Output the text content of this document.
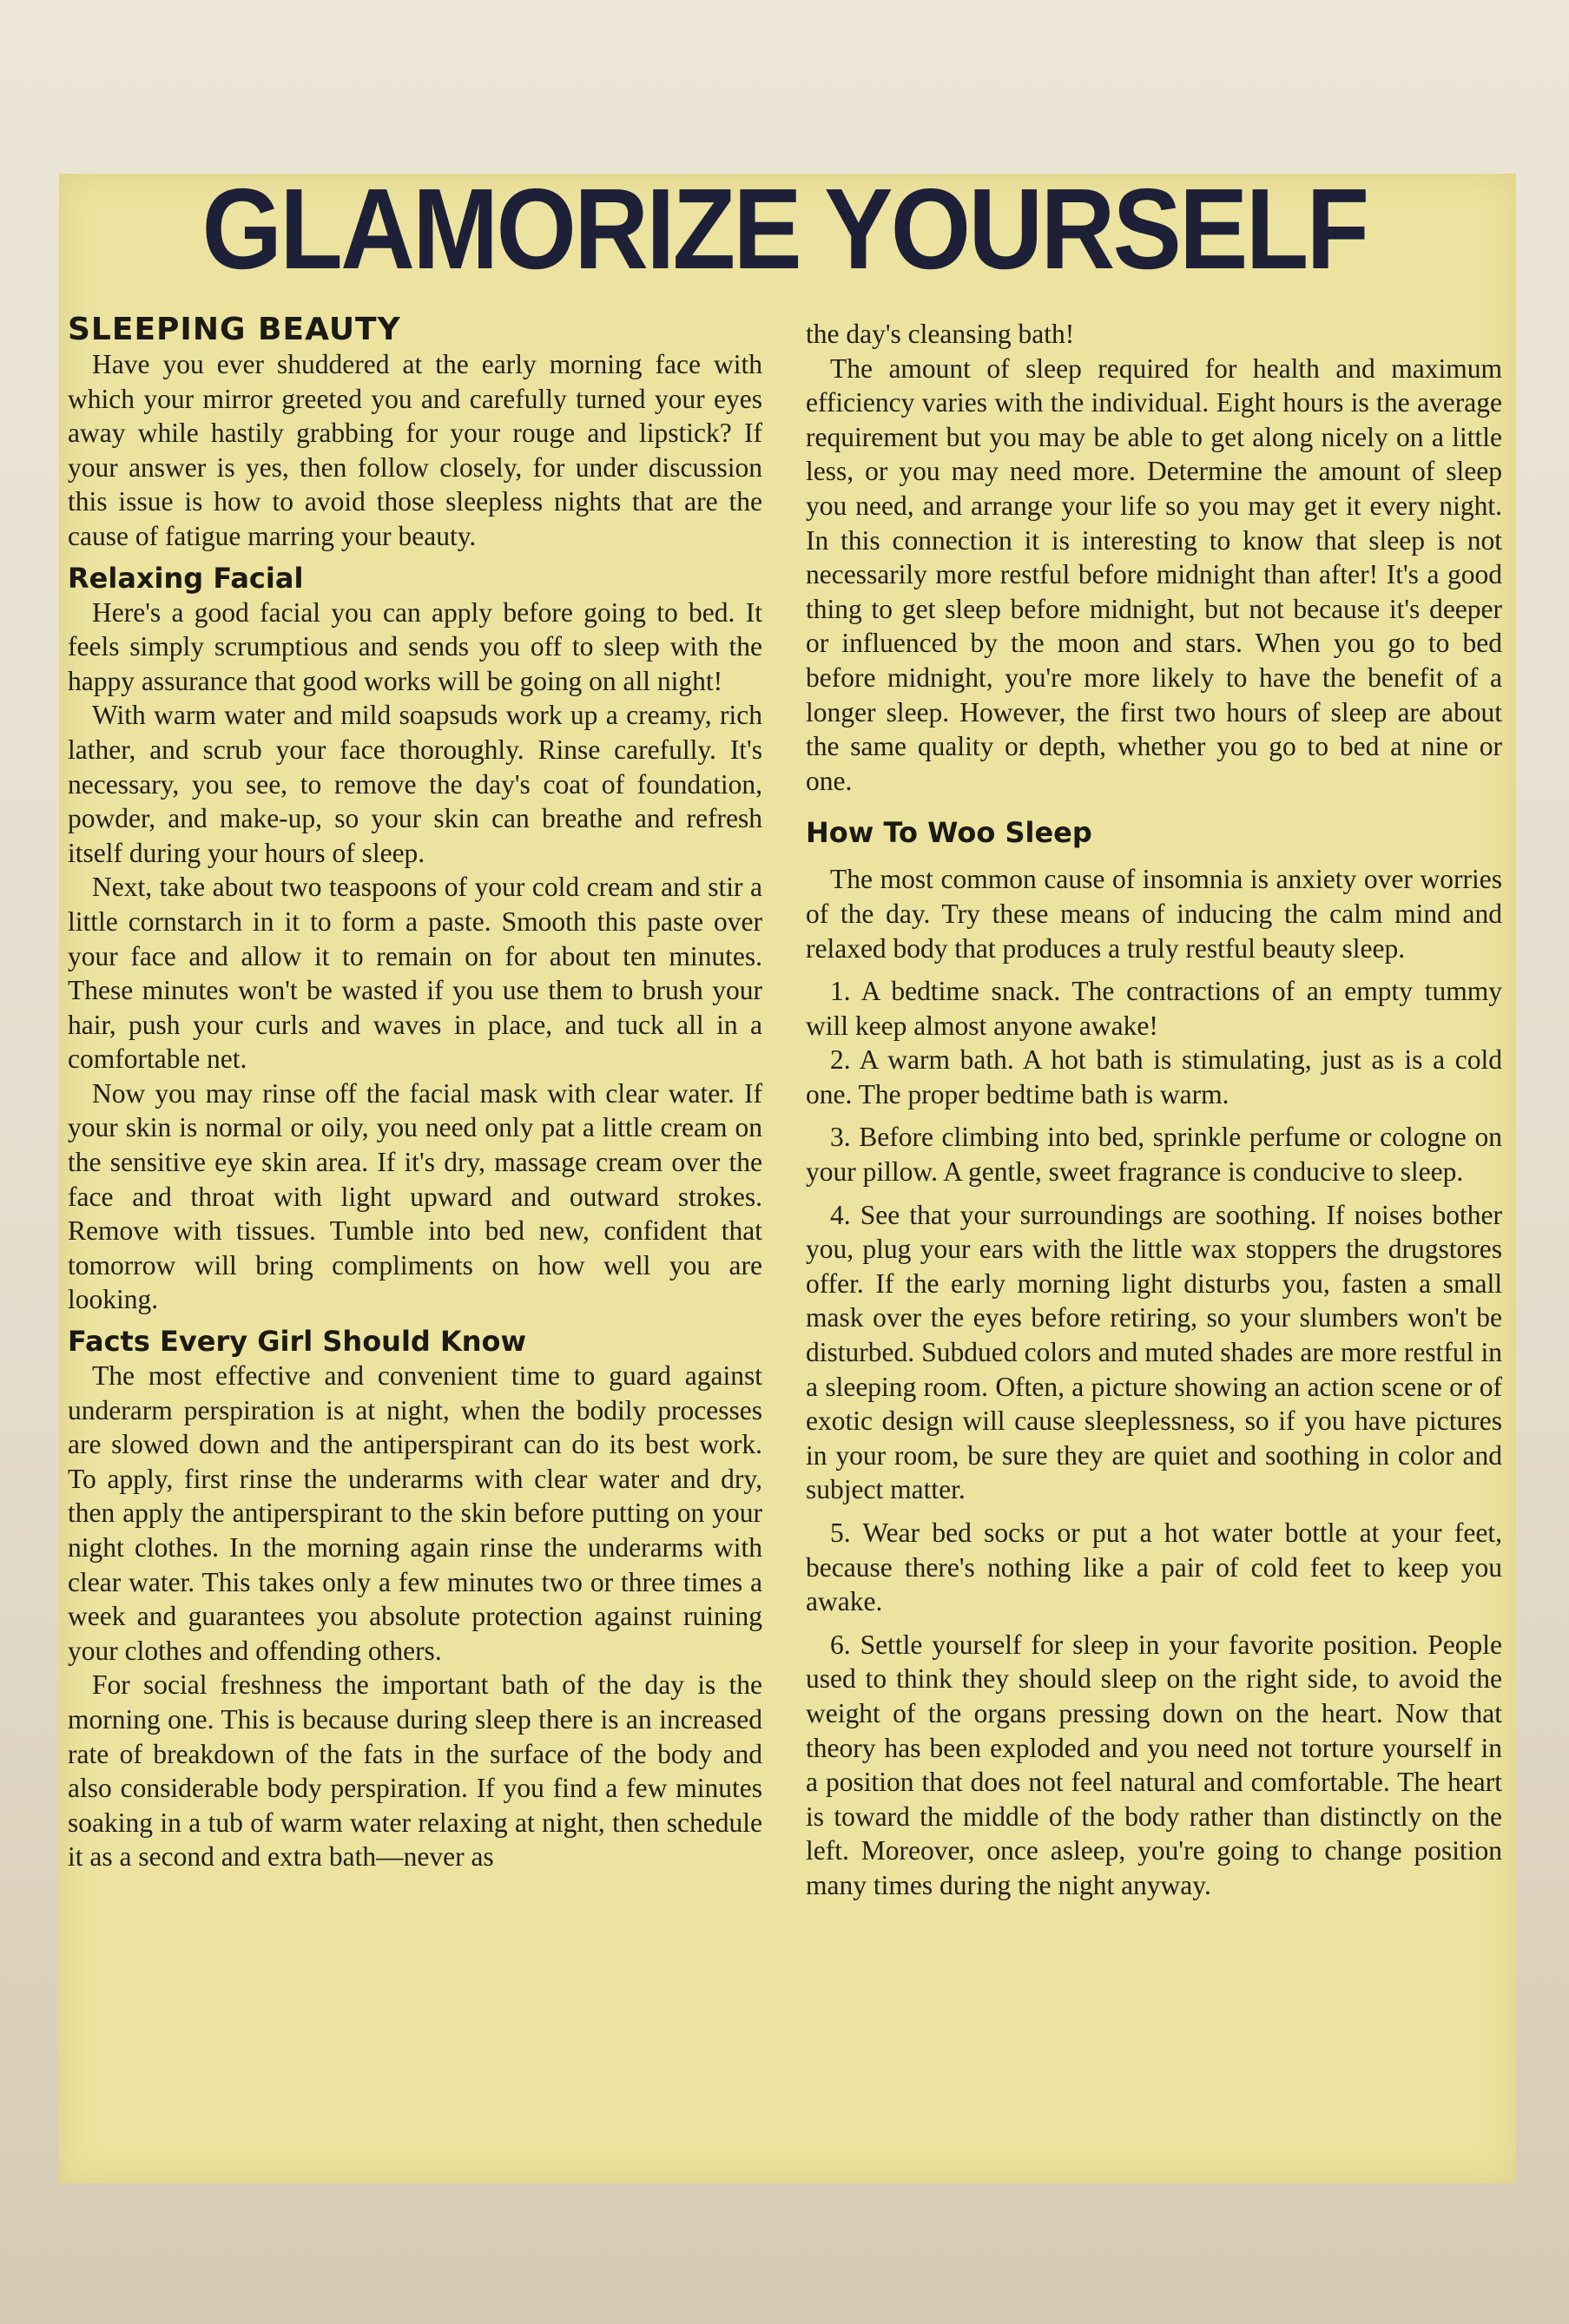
GLAMORIZE YOURSELF
SLEEPING BEAUTY

Have you ever shuddered at the early morning face with which your mirror greeted you and carefully turned your eyes away while hastily grabbing for your rouge and lipstick? If your answer is yes, then follow closely, for under discussion this issue is how to avoid those sleepless nights that are the cause of fatigue marring your beauty.

Relaxing Facial

Here's a good facial you can apply before going to bed. It feels simply scrumptious and sends you off to sleep with the happy assurance that good works will be going on all night!

With warm water and mild soapsuds work up a creamy, rich lather, and scrub your face thoroughly. Rinse carefully. It's necessary, you see, to remove the day's coat of foundation, powder, and make-up, so your skin can breathe and refresh itself during your hours of sleep.

Next, take about two teaspoons of your cold cream and stir a little cornstarch in it to form a paste. Smooth this paste over your face and allow it to remain on for about ten minutes. These minutes won't be wasted if you use them to brush your hair, push your curls and waves in place, and tuck all in a comfortable net.

Now you may rinse off the facial mask with clear water. If your skin is normal or oily, you need only pat a little cream on the sensitive eye skin area. If it's dry, massage cream over the face and throat with light upward and outward strokes. Remove with tissues. Tumble into bed new, confident that tomorrow will bring compliments on how well you are looking.

Facts Every Girl Should Know

The most effective and convenient time to guard against underarm perspiration is at night, when the bodily processes are slowed down and the antiperspirant can do its best work. To apply, first rinse the underarms with clear water and dry, then apply the antiperspirant to the skin before putting on your night clothes. In the morning again rinse the underarms with clear water. This takes only a few minutes two or three times a week and guarantees you absolute protection against ruining your clothes and offending others.

For social freshness the important bath of the day is the morning one. This is because during sleep there is an increased rate of breakdown of the fats in the surface of the body and also considerable body perspiration. If you find a few minutes soaking in a tub of warm water relaxing at night, then schedule it as a second and extra bath—never as

the day's cleansing bath!

The amount of sleep required for health and maximum efficiency varies with the individual. Eight hours is the average requirement but you may be able to get along nicely on a little less, or you may need more. Determine the amount of sleep you need, and arrange your life so you may get it every night. In this connection it is interesting to know that sleep is not necessarily more restful before midnight than after! It's a good thing to get sleep before midnight, but not because it's deeper or influenced by the moon and stars. When you go to bed before midnight, you're more likely to have the benefit of a longer sleep. However, the first two hours of sleep are about the same quality or depth, whether you go to bed at nine or one.

How To Woo Sleep

The most common cause of insomnia is anxiety over worries of the day. Try these means of inducing the calm mind and relaxed body that produces a truly restful beauty sleep.

1. A bedtime snack. The contractions of an empty tummy will keep almost anyone awake!

2. A warm bath. A hot bath is stimulating, just as is a cold one. The proper bedtime bath is warm.

3. Before climbing into bed, sprinkle perfume or cologne on your pillow. A gentle, sweet fragrance is conducive to sleep.

4. See that your surroundings are soothing. If noises bother you, plug your ears with the little wax stoppers the drugstores offer. If the early morning light disturbs you, fasten a small mask over the eyes before retiring, so your slumbers won't be disturbed. Subdued colors and muted shades are more restful in a sleeping room. Often, a picture showing an action scene or of exotic design will cause sleeplessness, so if you have pictures in your room, be sure they are quiet and soothing in color and subject matter.

5. Wear bed socks or put a hot water bottle at your feet, because there's nothing like a pair of cold feet to keep you awake.

6. Settle yourself for sleep in your favorite position. People used to think they should sleep on the right side, to avoid the weight of the organs pressing down on the heart. Now that theory has been exploded and you need not torture yourself in a position that does not feel natural and comfortable. The heart is toward the middle of the body rather than distinctly on the left. Moreover, once asleep, you're going to change position many times during the night anyway.
